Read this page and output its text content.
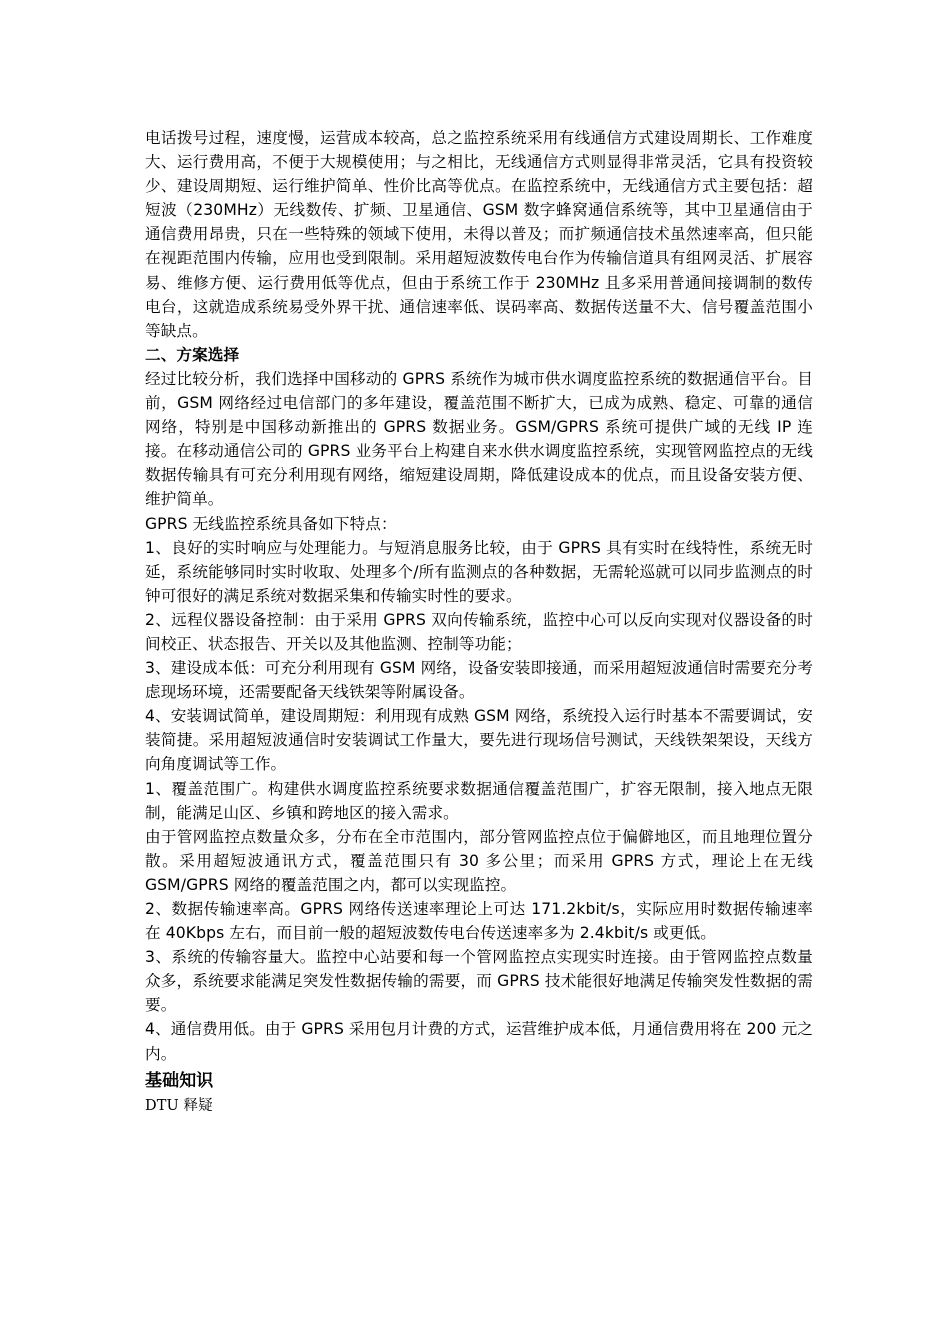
电话拨号过程，速度慢，运营成本较高，总之监控系统采用有线通信方式建设周期长、工作难度大、运行费用高，不便于大规模使用；与之相比，无线通信方式则显得非常灵活，它具有投资较少、建设周期短、运行维护简单、性价比高等优点。在监控系统中，无线通信方式主要包括：超短波（230MHz）无线数传、扩频、卫星通信、GSM 数字蜂窝通信系统等，其中卫星通信由于通信费用昂贵，只在一些特殊的领域下使用，未得以普及；而扩频通信技术虽然速率高，但只能在视距范围内传输，应用也受到限制。采用超短波数传电台作为传输信道具有组网灵活、扩展容易、维修方便、运行费用低等优点，但由于系统工作于 230MHz 且多采用普通间接调制的数传电台，这就造成系统易受外界干扰、通信速率低、误码率高、数据传送量不大、信号覆盖范围小等缺点。

二、方案选择

经过比较分析，我们选择中国移动的 GPRS 系统作为城市供水调度监控系统的数据通信平台。目前，GSM 网络经过电信部门的多年建设，覆盖范围不断扩大，已成为成熟、稳定、可靠的通信网络，特别是中国移动新推出的 GPRS 数据业务。GSM/GPRS 系统可提供广域的无线 IP 连接。在移动通信公司的 GPRS 业务平台上构建自来水供水调度监控系统，实现管网监控点的无线数据传输具有可充分利用现有网络，缩短建设周期，降低建设成本的优点，而且设备安装方便、维护简单。

GPRS 无线监控系统具备如下特点：

1、良好的实时响应与处理能力。与短消息服务比较，由于 GPRS 具有实时在线特性，系统无时延，系统能够同时实时收取、处理多个/所有监测点的各种数据，无需轮巡就可以同步监测点的时钟可很好的满足系统对数据采集和传输实时性的要求。

2、远程仪器设备控制：由于采用 GPRS 双向传输系统，监控中心可以反向实现对仪器设备的时间校正、状态报告、开关以及其他监测、控制等功能；

3、建设成本低：可充分利用现有 GSM 网络，设备安装即接通，而采用超短波通信时需要充分考虑现场环境，还需要配备天线铁架等附属设备。

4、安装调试简单，建设周期短：利用现有成熟 GSM 网络，系统投入运行时基本不需要调试，安装简捷。采用超短波通信时安装调试工作量大，要先进行现场信号测试，天线铁架架设，天线方向角度调试等工作。

1、覆盖范围广。构建供水调度监控系统要求数据通信覆盖范围广，扩容无限制，接入地点无限制，能满足山区、乡镇和跨地区的接入需求。

由于管网监控点数量众多，分布在全市范围内，部分管网监控点位于偏僻地区，而且地理位置分散。采用超短波通讯方式，覆盖范围只有 30 多公里；而采用 GPRS 方式，理论上在无线 GSM/GPRS 网络的覆盖范围之内，都可以实现监控。

2、数据传输速率高。GPRS 网络传送速率理论上可达 171.2kbit/s，实际应用时数据传输速率在 40Kbps 左右，而目前一般的超短波数传电台传送速率多为 2.4kbit/s 或更低。

3、系统的传输容量大。监控中心站要和每一个管网监控点实现实时连接。由于管网监控点数量众多，系统要求能满足突发性数据传输的需要，而 GPRS 技术能很好地满足传输突发性数据的需要。

4、通信费用低。由于 GPRS 采用包月计费的方式，运营维护成本低，月通信费用将在 200 元之内。

基础知识

DTU 释疑
